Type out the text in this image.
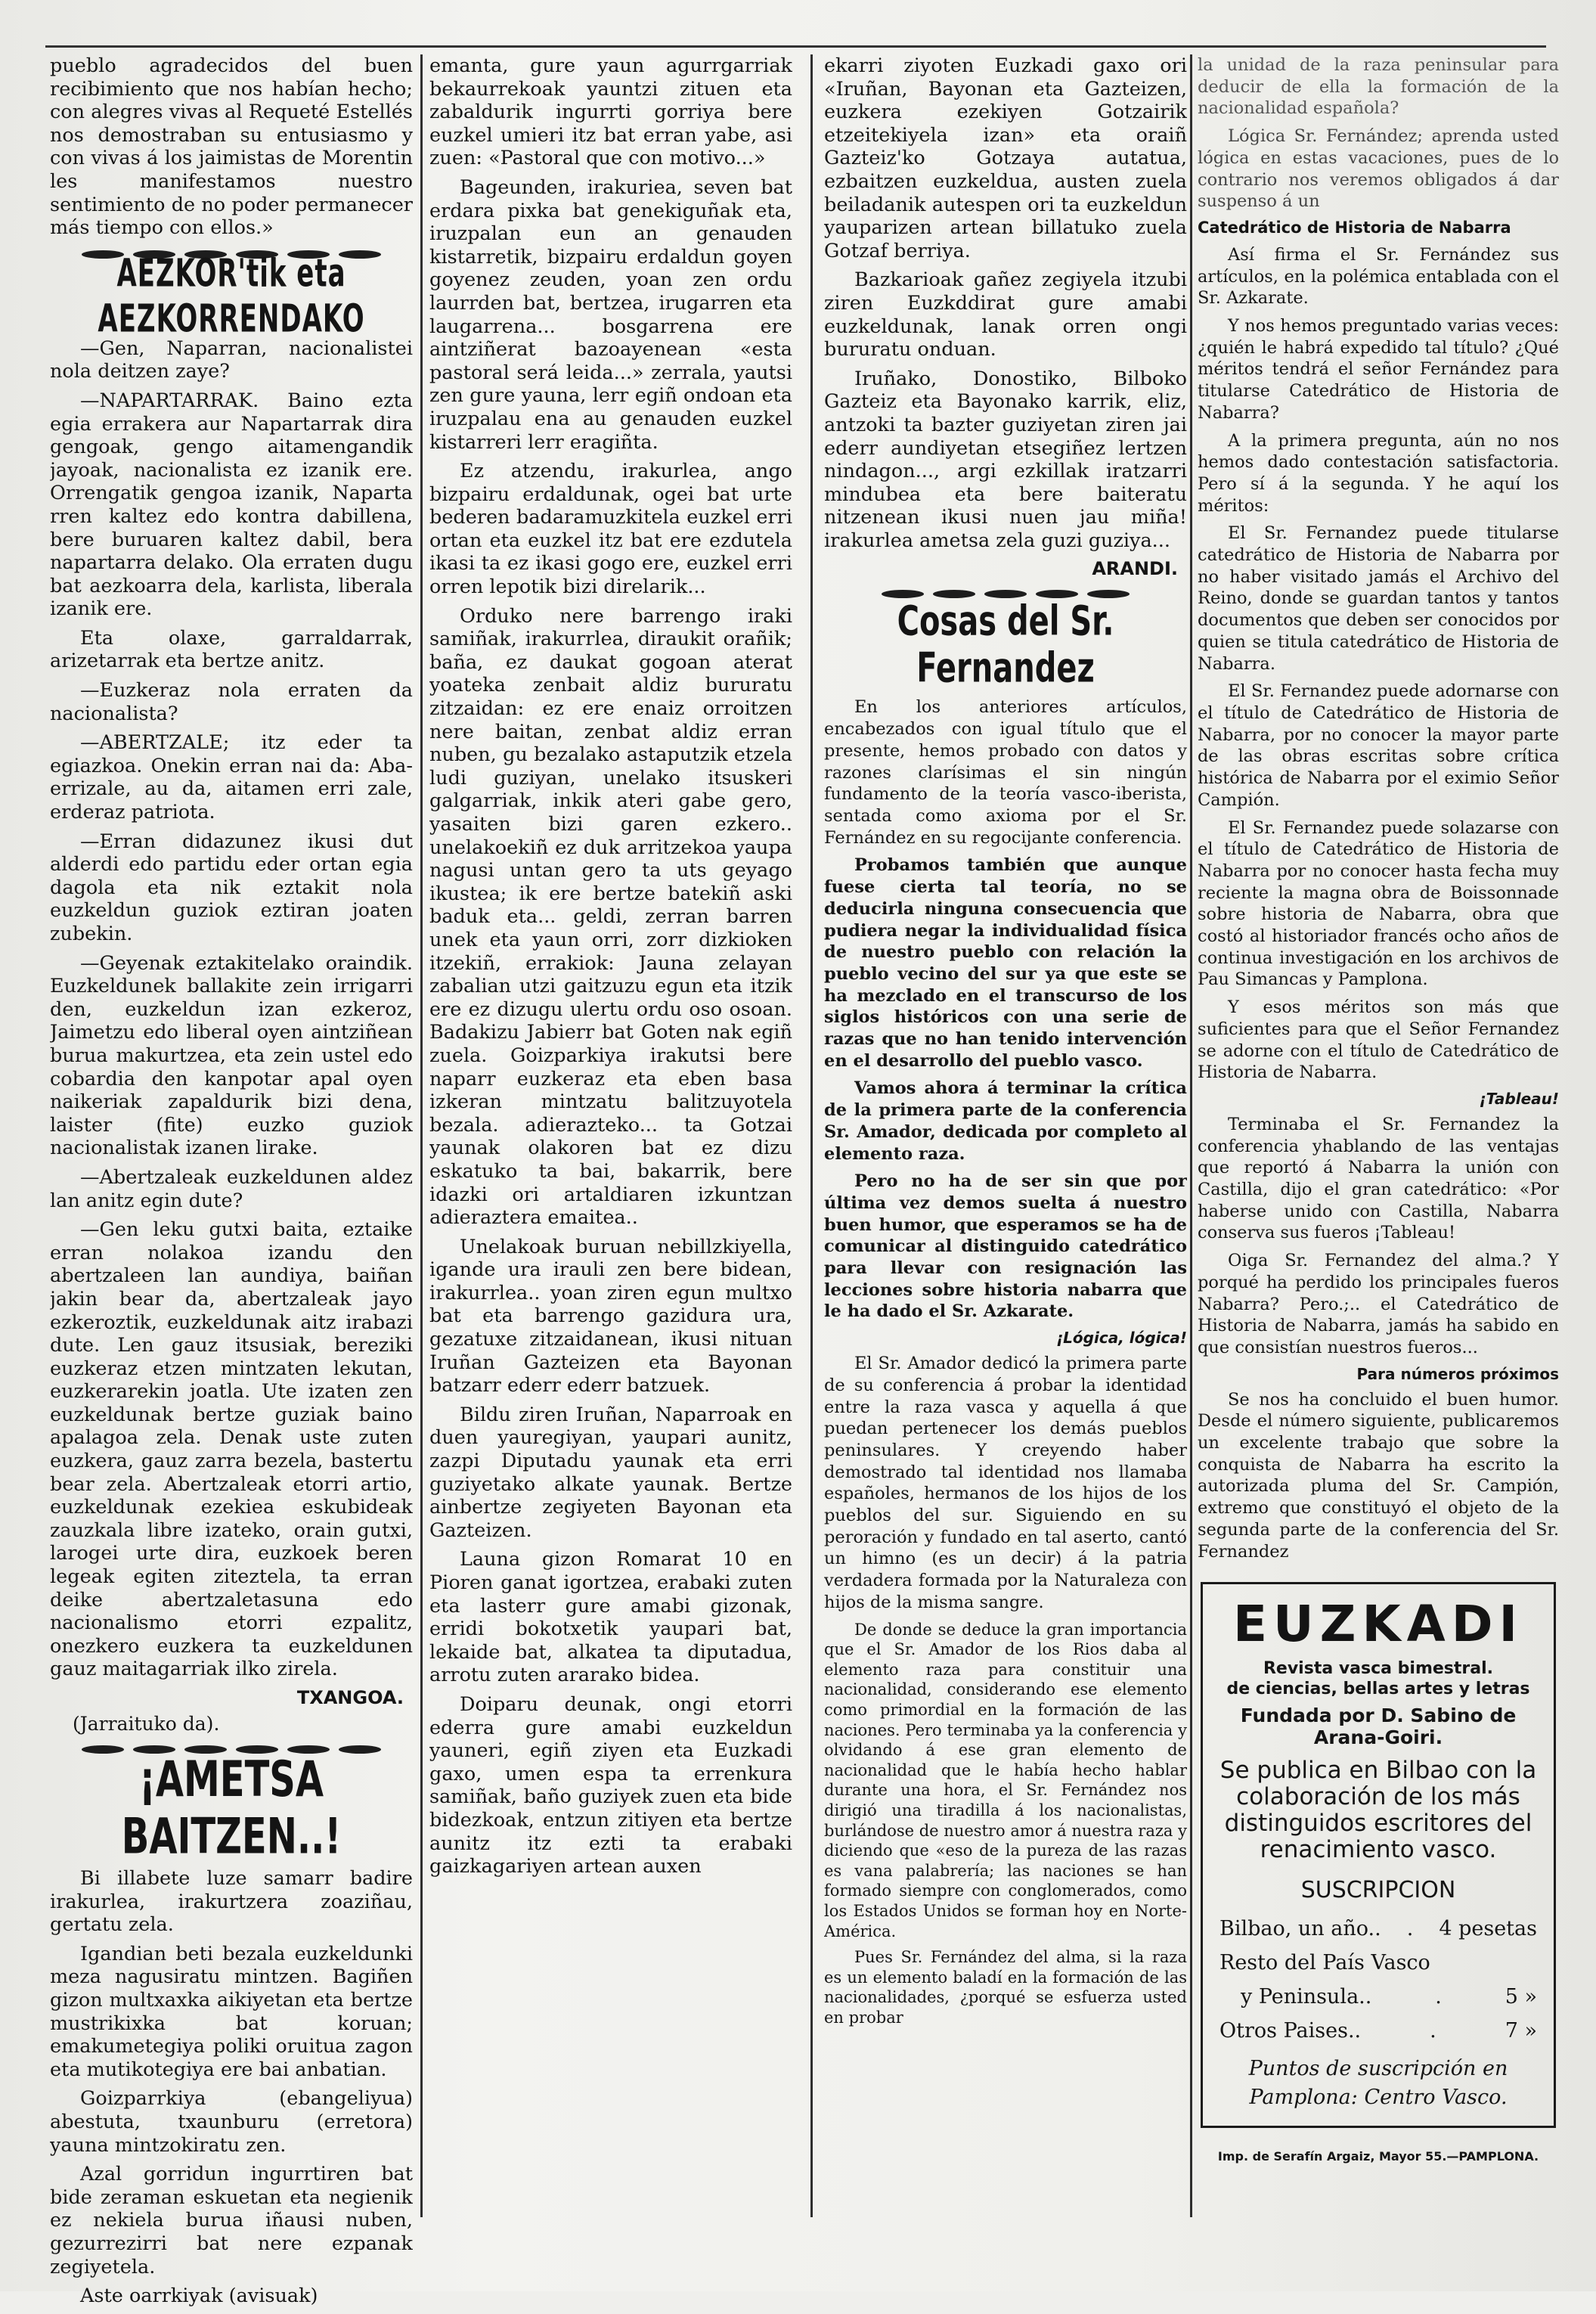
pueblo agradecidos del buen recibimiento que nos habían hecho; con alegres vivas al Requeté Estellés nos demostraban su entusiasmo y con vivas á los jaimistas de Morentin les manifestamos nuestro sentimiento de no poder permanecer más tiempo con ellos.»

AEZKOR'tik eta AEZKORRENDAKO

—Gen, Naparran, nacionalistei nola deitzen zaye?

—NAPARTARRAK. Baino ezta egia errakera aur Napartarrak dira gengoak, gengo aitamengandik jayoak, nacionalista ez izanik ere. Orrengatik gengoa izanik, Naparta rren kaltez edo kontra dabillena, bere buruaren kaltez dabil, bera napartarra delako. Ola erraten dugu bat aezkoarra dela, karlista, liberala izanik ere.

Eta olaxe, garraldarrak, arizetarrak eta bertze anitz.

—Euzkeraz nola erraten da nacionalista?

—ABERTZALE; itz eder ta egiazkoa. Onekin erran nai da: Aba-errizale, au da, aitamen erri zale, erderaz patriota.

—Erran didazunez ikusi dut alderdi edo partidu eder ortan egia dagola eta nik eztakit nola euzkeldun guziok eztiran joaten zubekin.

—Geyenak eztakitelako oraindik. Euzkeldunek ballakite zein irrigarri den, euzkeldun izan ezkeroz, Jaimetzu edo liberal oyen aintziñean burua makurtzea, eta zein ustel edo cobardia den kanpotar apal oyen naikeriak zapaldurik bizi dena, laister (fite) euzko guziok nacionalistak izanen lirake.

—Abertzaleak euzkeldunen aldez lan anitz egin dute?

—Gen leku gutxi baita, eztaike erran nolakoa izandu den abertzaleen lan aundiya, baiñan jakin bear da, abertzaleak jayo ezkeroztik, euzkeldunak aitz irabazi dute. Len gauz itsusiak, bereziki euzkeraz etzen mintzaten lekutan, euzkerarekin joatla. Ute izaten zen euzkeldunak bertze guziak baino apalagoa zela. Denak uste zuten euzkera, gauz zarra bezela, bastertu bear zela. Abertzaleak etorri artio, euzkeldunak ezekiea eskubideak zauzkala libre izateko, orain gutxi, larogei urte dira, euzkoek beren legeak egiten ziteztela, ta erran deike abertzaletasuna edo nacionalismo etorri ezpalitz, onezkero euzkera ta euzkeldunen gauz maitagarriak ilko zirela.

TXANGOA.
(Jarraituko da).
¡AMETSA BAITZEN..!

Bi illabete luze samarr badire irakurlea, irakurtzera zoaziñau, gertatu zela.

Igandian beti bezala euzkeldunki meza nagusiratu mintzen. Bagiñen gizon multxaxka aikiyetan eta bertze mustrikixka bat koruan; emakumetegiya poliki oruitua zagon eta mutikotegiya ere bai anbatian.

Goizparrkiya (ebangeliyua) abestuta, txaunburu (erretora) yauna mintzokiratu zen.

Azal gorridun ingurrtiren bat bide zeraman eskuetan eta negienik ez nekiela burua iñausi nuben, gezurrezirri bat nere ezpanak zegiyetela.

Aste oarrkiyak (avisuak)

emanta, gure yaun agurrgarriak bekaurrekoak yauntzi zituen eta zabaldurik ingurrti gorriya bere euzkel umieri itz bat erran yabe, asi zuen: «Pastoral que con motivo...»

Bageunden, irakuriea, seven bat erdara pixka bat genekiguñak eta, iruzpalan eun an genauden kistarretik, bizpairu erdaldun goyen goyenez zeuden, yoan zen ordu laurrden bat, bertzea, irugarren eta laugarrena... bosgarrena ere aintziñerat bazoayenean «esta pastoral será leida...» zerrala, yautsi zen gure yauna, lerr egiñ ondoan eta iruzpalau ena au genauden euzkel kistarreri lerr eragiñta.

Ez atzendu, irakurlea, ango bizpairu erdaldunak, ogei bat urte bederen badaramuzkitela euzkel erri ortan eta euzkel itz bat ere ezdutela ikasi ta ez ikasi gogo ere, euzkel erri orren lepotik bizi direlarik...

Orduko nere barrengo iraki samiñak, irakurrlea, diraukit orañik; baña, ez daukat gogoan aterat yoateka zenbait aldiz bururatu zitzaidan: ez ere enaiz orroitzen nere baitan, zenbat aldiz erran nuben, gu bezalako astaputzik etzela ludi guziyan, unelako itsuskeri galgarriak, inkik ateri gabe gero, yasaiten bizi garen ezkero.. unelakoekiñ ez duk arritzekoa yaupa nagusi untan gero ta uts geyago ikustea; ik ere bertze batekiñ aski baduk eta... geldi, zerran barren unek eta yaun orri, zorr dizkioken itzekiñ, errakiok: Jauna zelayan zabalian utzi gaitzuzu egun eta itzik ere ez dizugu ulertu ordu oso osoan. Badakizu Jabierr bat Goten nak egiñ zuela. Goizparkiya irakutsi bere naparr euzkeraz eta eben basa izkeran mintzatu balitzuyotela bezala. adierazteko... ta Gotzai yaunak olakoren bat ez dizu eskatuko ta bai, bakarrik, bere idazki ori artaldiaren izkuntzan adieraztera emaitea..

Unelakoak buruan nebillzkiyella, igande ura irauli zen bere bidean, irakurrlea.. yoan ziren egun multxo bat eta barrengo gazidura ura, gezatuxe zitzaidanean, ikusi nituan Iruñan Gazteizen eta Bayonan batzarr ederr ederr batzuek.

Bildu ziren Iruñan, Naparroak en duen yauregiyan, yaupari aunitz, zazpi Diputadu yaunak eta erri guziyetako alkate yaunak. Bertze ainbertze zegiyeten Bayonan eta Gazteizen.

Launa gizon Romarat 10 en Pioren ganat igortzea, erabaki zuten eta lasterr gure amabi gizonak, erridi bokotxetik yaupari bat, lekaide bat, alkatea ta diputadua, arrotu zuten ararako bidea.

Doiparu deunak, ongi etorri ederra gure amabi euzkeldun yauneri, egiñ ziyen eta Euzkadi gaxo, umen espa ta errenkura samiñak, baño guziyek zuen eta bide bidezkoak, entzun zitiyen eta bertze aunitz itz ezti ta erabaki gaizkagariyen artean auxen

ekarri ziyoten Euzkadi gaxo ori «Iruñan, Bayonan eta Gazteizen, euzkera ezekiyen Gotzairik etzeitekiyela izan» eta oraiñ Gazteiz'ko Gotzaya autatua, ezbaitzen euzkeldua, austen zuela beiladanik autespen ori ta euzkeldun yauparizen artean billatuko zuela Gotzaf berriya.

Bazkarioak gañez zegiyela itzubi ziren Euzkddirat gure amabi euzkeldunak, lanak orren ongi bururatu onduan.

Iruñako, Donostiko, Bilboko Gazteiz eta Bayonako karrik, eliz, antzoki ta bazter guziyetan ziren jai ederr aundiyetan etsegiñez lertzen nindagon..., argi ezkillak iratzarri mindubea eta bere baiteratu nitzenean ikusi nuen jau miña! irakurlea ametsa zela guzi guziya...

ARANDI.
Cosas del Sr. Fernandez

En los anteriores artículos, encabezados con igual título que el presente, hemos probado con datos y razones clarísimas el sin ningún fundamento de la teoría vasco-iberista, sentada como axioma por el Sr. Fernández en su regocijante conferencia.

Probamos también que aunque fuese cierta tal teoría, no se deducirla ninguna consecuencia que pudiera negar la individualidad física de nuestro pueblo con relación la pueblo vecino del sur ya que este se ha mezclado en el transcurso de los siglos históricos con una serie de razas que no han tenido intervención en el desarrollo del pueblo vasco.

Vamos ahora á terminar la crítica de la primera parte de la conferencia Sr. Amador, dedicada por completo al elemento raza.

Pero no ha de ser sin que por última vez demos suelta á nuestro buen humor, que esperamos se ha de comunicar al distinguido catedrático para llevar con resignación las lecciones sobre historia nabarra que le ha dado el Sr. Azkarate.

¡Lógica, lógica!

El Sr. Amador dedicó la primera parte de su conferencia á probar la identidad entre la raza vasca y aquella á que puedan pertenecer los demás pueblos peninsulares. Y creyendo haber demostrado tal identidad nos llamaba españoles, hermanos de los hijos de los pueblos del sur. Siguiendo en su peroración y fundado en tal aserto, cantó un himno (es un decir) á la patria verdadera formada por la Naturaleza con hijos de la misma sangre.

De donde se deduce la gran importancia que el Sr. Amador de los Rios daba al elemento raza para constituir una nacionalidad, considerando ese elemento como primordial en la formación de las naciones. Pero terminaba ya la conferencia y olvidando á ese gran elemento de nacionalidad que le había hecho hablar durante una hora, el Sr. Fernández nos dirigió una tiradilla á los nacionalistas, burlándose de nuestro amor á nuestra raza y diciendo que «eso de la pureza de las razas es vana palabrería; las naciones se han formado siempre con conglomerados, como los Estados Unidos se forman hoy en Norte-América.

Pues Sr. Fernández del alma, si la raza es un elemento baladí en la formación de las nacionalidades, ¿porqué se esfuerza usted en probar

la unidad de la raza peninsular para deducir de ella la formación de la nacionalidad española?

Lógica Sr. Fernández; aprenda usted lógica en estas vacaciones, pues de lo contrario nos veremos obligados á dar suspenso á un

Catedrático de Historia de Nabarra

Así firma el Sr. Fernández sus artículos, en la polémica entablada con el Sr. Azkarate.

Y nos hemos preguntado varias veces: ¿quién le habrá expedido tal título? ¿Qué méritos tendrá el señor Fernández para titularse Catedrático de Historia de Nabarra?

A la primera pregunta, aún no nos hemos dado contestación satisfactoria. Pero sí á la segunda. Y he aquí los méritos:

El Sr. Fernandez puede titularse catedrático de Historia de Nabarra por no haber visitado jamás el Archivo del Reino, donde se guardan tantos y tantos documentos que deben ser conocidos por quien se titula catedrático de Historia de Nabarra.

El Sr. Fernandez puede adornarse con el título de Catedrático de Historia de Nabarra, por no conocer la mayor parte de las obras escritas sobre crítica histórica de Nabarra por el eximio Señor Campión.

El Sr. Fernandez puede solazarse con el título de Catedrático de Historia de Nabarra por no conocer hasta fecha muy reciente la magna obra de Boissonnade sobre historia de Nabarra, obra que costó al historiador francés ocho años de continua investigación en los archivos de Pau Simancas y Pamplona.

Y esos méritos son más que suficientes para que el Señor Fernandez se adorne con el título de Catedrático de Historia de Nabarra.

¡Tableau!

Terminaba el Sr. Fernandez la conferencia yhablando de las ventajas que reportó á Nabarra la unión con Castilla, dijo el gran catedrático: «Por haberse unido con Castilla, Nabarra conserva sus fueros ¡Tableau!

Oiga Sr. Fernandez del alma.? Y porqué ha perdido los principales fueros Nabarra? Pero.;.. el Catedrático de Historia de Nabarra, jamás ha sabido en que consistían nuestros fueros...

Para números próximos

Se nos ha concluido el buen humor. Desde el número siguiente, publicaremos un excelente trabajo que sobre la conquista de Nabarra ha escrito la autorizada pluma del Sr. Campión, extremo que constituyó el objeto de la segunda parte de la conferencia del Sr. Fernandez

EUZKADI
Revista vasca bimestral.
de ciencias, bellas artes y letras
Fundada por D. Sabino de Arana-Goiri.
Se publica en Bilbao con la colaboración de los más distinguidos escritores del renacimiento vasco.
SUSCRIPCION
Bilbao, un año.. . 4 pesetas
Resto del País Vasco
y Peninsula..	.	5 »
Otros Paises..	.	7 »
Puntos de suscripción en
Pamplona: Centro Vasco.
Imp. de Serafín Argaiz, Mayor 55.—PAMPLONA.
